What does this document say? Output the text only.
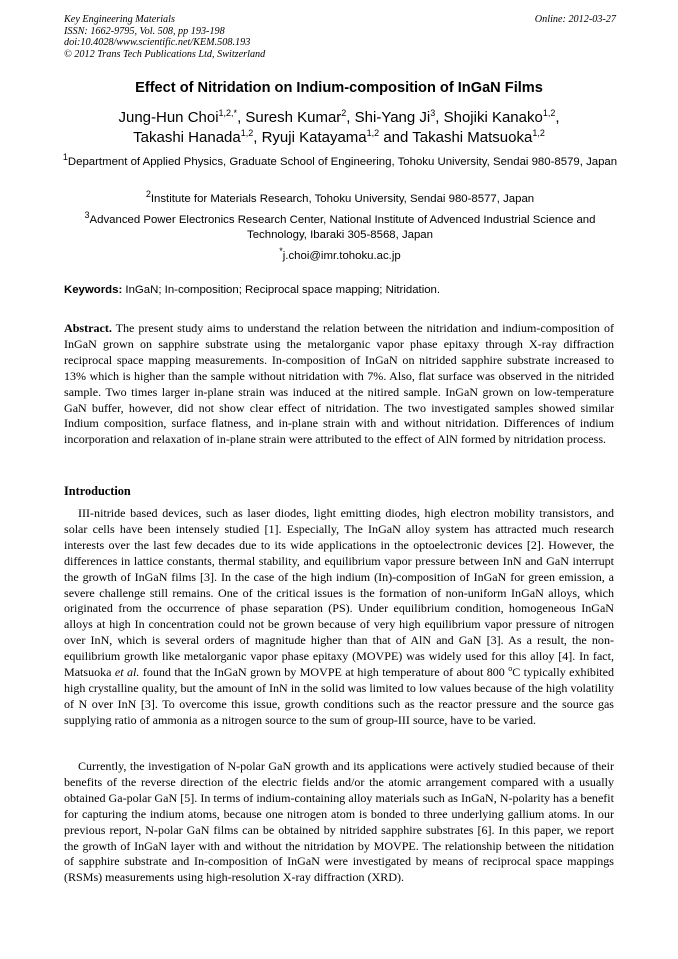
Key Engineering Materials
ISSN: 1662-9795, Vol. 508, pp 193-198
doi:10.4028/www.scientific.net/KEM.508.193
© 2012 Trans Tech Publications Ltd, Switzerland
Online: 2012-03-27
Effect of Nitridation on Indium-composition of InGaN Films
Jung-Hun Choi$^{1,2,*}$, Suresh Kumar$^2$, Shi-Yang Ji$^3$, Shojiki Kanako$^{1,2}$,
Takashi Hanada$^{1,2}$, Ryuji Katayama$^{1,2}$ and Takashi Matsuoka$^{1,2}$
$^1$Department of Applied Physics, Graduate School of Engineering, Tohoku University, Sendai 980-8579, Japan
$^2$Institute for Materials Research, Tohoku University, Sendai 980-8577, Japan
$^3$Advanced Power Electronics Research Center, National Institute of Advenced Industrial Science and Technology, Ibaraki 305-8568, Japan
*j.choi@imr.tohoku.ac.jp
Keywords: InGaN; In-composition; Reciprocal space mapping; Nitridation.
Abstract. The present study aims to understand the relation between the nitridation and indium-composition of InGaN grown on sapphire substrate using the metalorganic vapor phase epitaxy through X-ray diffraction reciprocal space mapping measurements. In-composition of InGaN on nitrided sapphire substrate increased to 13% which is higher than the sample without nitridation with 7%. Also, flat surface was observed in the nitrided sample. Two times larger in-plane strain was induced at the nitired sample. InGaN grown on low-temperature GaN buffer, however, did not show clear effect of nitridation. The two investigated samples showed similar Indium composition, surface flatness, and in-plane strain with and without nitridation. Differences of indium incorporation and relaxation of in-plane strain were attributed to the effect of AlN formed by nitridation process.
Introduction
III-nitride based devices, such as laser diodes, light emitting diodes, high electron mobility transistors, and solar cells have been intensely studied [1]. Especially, The InGaN alloy system has attracted much research interests over the last few decades due to its wide applications in the optoelectronic devices [2]. However, the differences in lattice constants, thermal stability, and equilibrium vapor pressure between InN and GaN interrupt the growth of InGaN films [3]. In the case of the high indium (In)-composition of InGaN for green emission, a severe challenge still remains. One of the critical issues is the formation of non-uniform InGaN alloys, which originated from the occurrence of phase separation (PS). Under equilibrium condition, homogeneous InGaN alloys at high In concentration could not be grown because of very high equilibrium vapor pressure of nitrogen over InN, which is several orders of magnitude higher than that of AlN and GaN [3]. As a result, the non-equilibrium growth like metalorganic vapor phase epitaxy (MOVPE) was widely used for this alloy [4]. In fact, Matsuoka et al. found that the InGaN grown by MOVPE at high temperature of about 800 $^o$C typically exhibited high crystalline quality, but the amount of InN in the solid was limited to low values because of the high volatility of N over InN [3]. To overcome this issue, growth conditions such as the reactor pressure and the source gas supplying ratio of ammonia as a nitrogen source to the sum of group-III source, have to be varied.
Currently, the investigation of N-polar GaN growth and its applications were actively studied because of their benefits of the reverse direction of the electric fields and/or the atomic arrangement compared with a usually obtained Ga-polar GaN [5]. In terms of indium-containing alloy materials such as InGaN, N-polarity has a benefit for capturing the indium atoms, because one nitrogen atom is bonded to three underlying gallium atoms. In our previous report, N-polar GaN films can be obtained by nitrided sapphire substrates [6]. In this paper, we report the growth of InGaN layer with and without the nitridation by MOVPE. The relationship between the nitidation of sapphire substrate and In-composition of InGaN were investigated by means of reciprocal space mappings (RSMs) measurements using high-resolution X-ray diffraction (XRD).
